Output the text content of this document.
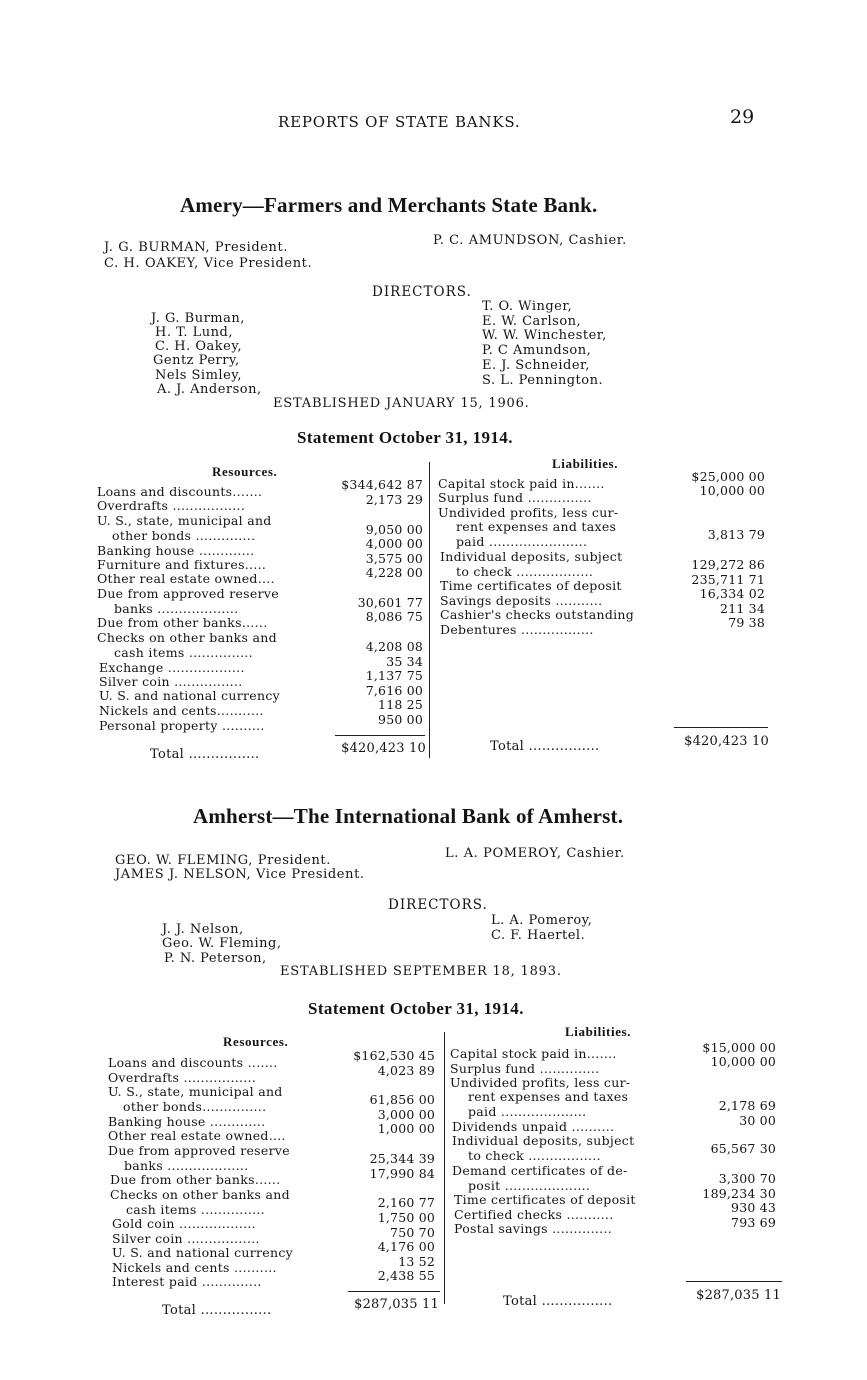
REPORTS OF STATE BANKS.	29
Amery—Farmers and Merchants State Bank.
J. G. BURMAN, President.
C. H. OAKEY, Vice President.
P. C. AMUNDSON, Cashier.
DIRECTORS.
J. G. Burman,
H. T. Lund,
C. H. Oakey,
Gentz Perry,
Nels Simley,
A. J. Anderson,
T. O. Winger,
E. W. Carlson,
W. W. Winchester,
P. C Amundson,
E. J. Schneider,
S. L. Pennington.
ESTABLISHED JANUARY 15, 1906.
Statement October 31, 1914.
Resources.
Liabilities.
Loans and discounts.......	$344,642 87
Overdrafts .................	2,173 29
U. S., state, municipal and
other bonds ..............	9,050 00
Banking house .............	4,000 00
Furniture and fixtures.....	3,575 00
Other real estate owned....	4,228 00
Due from approved reserve
banks ...................	30,601 77
Due from other banks......	8,086 75
Checks on other banks and
cash items ...............	4,208 08
Exchange ..................	35 34
Silver coin ................	1,137 75
U. S. and national currency	7,616 00
Nickels and cents...........	118 25
Personal property ..........	950 00
Total ................	$420,423 10
Capital stock paid in.......	$25,000 00
Surplus fund ...............	10,000 00
Undivided profits, less cur-
rent expenses and taxes
paid .......................	3,813 79
Individual deposits, subject
to check ..................	129,272 86
Time certificates of deposit	235,711 71
Savings deposits ...........	16,334 02
Cashier's checks outstanding	211 34
Debentures .................	79 38
Total ................	$420,423 10
Amherst—The International Bank of Amherst.
GEO. W. FLEMING, President.
JAMES J. NELSON, Vice President.
L. A. POMEROY, Cashier.
DIRECTORS.
J. J. Nelson,
Geo. W. Fleming,
P. N. Peterson,
L. A. Pomeroy,
C. F. Haertel.
ESTABLISHED SEPTEMBER 18, 1893.
Statement October 31, 1914.
Resources.
Liabilities.
Loans and discounts .......	$162,530 45
Overdrafts .................	4,023 89
U. S., state, municipal and
other bonds...............	61,856 00
Banking house .............	3,000 00
Other real estate owned....	1,000 00
Due from approved reserve
banks ...................	25,344 39
Due from other banks......	17,990 84
Checks on other banks and
cash items ...............	2,160 77
Gold coin ..................	1,750 00
Silver coin .................	750 70
U. S. and national currency	4,176 00
Nickels and cents ..........	13 52
Interest paid ..............	2,438 55
Total ................	$287,035 11
Capital stock paid in.......	$15,000 00
Surplus fund ..............	10,000 00
Undivided profits, less cur-
rent expenses and taxes
paid ....................	2,178 69
Dividends unpaid ..........	30 00
Individual deposits, subject
to check .................	65,567 30
Demand certificates of de-
posit ....................	3,300 70
Time certificates of deposit	189,234 30
Certified checks ...........	930 43
Postal savings ..............	793 69
Total ................	$287,035 11
